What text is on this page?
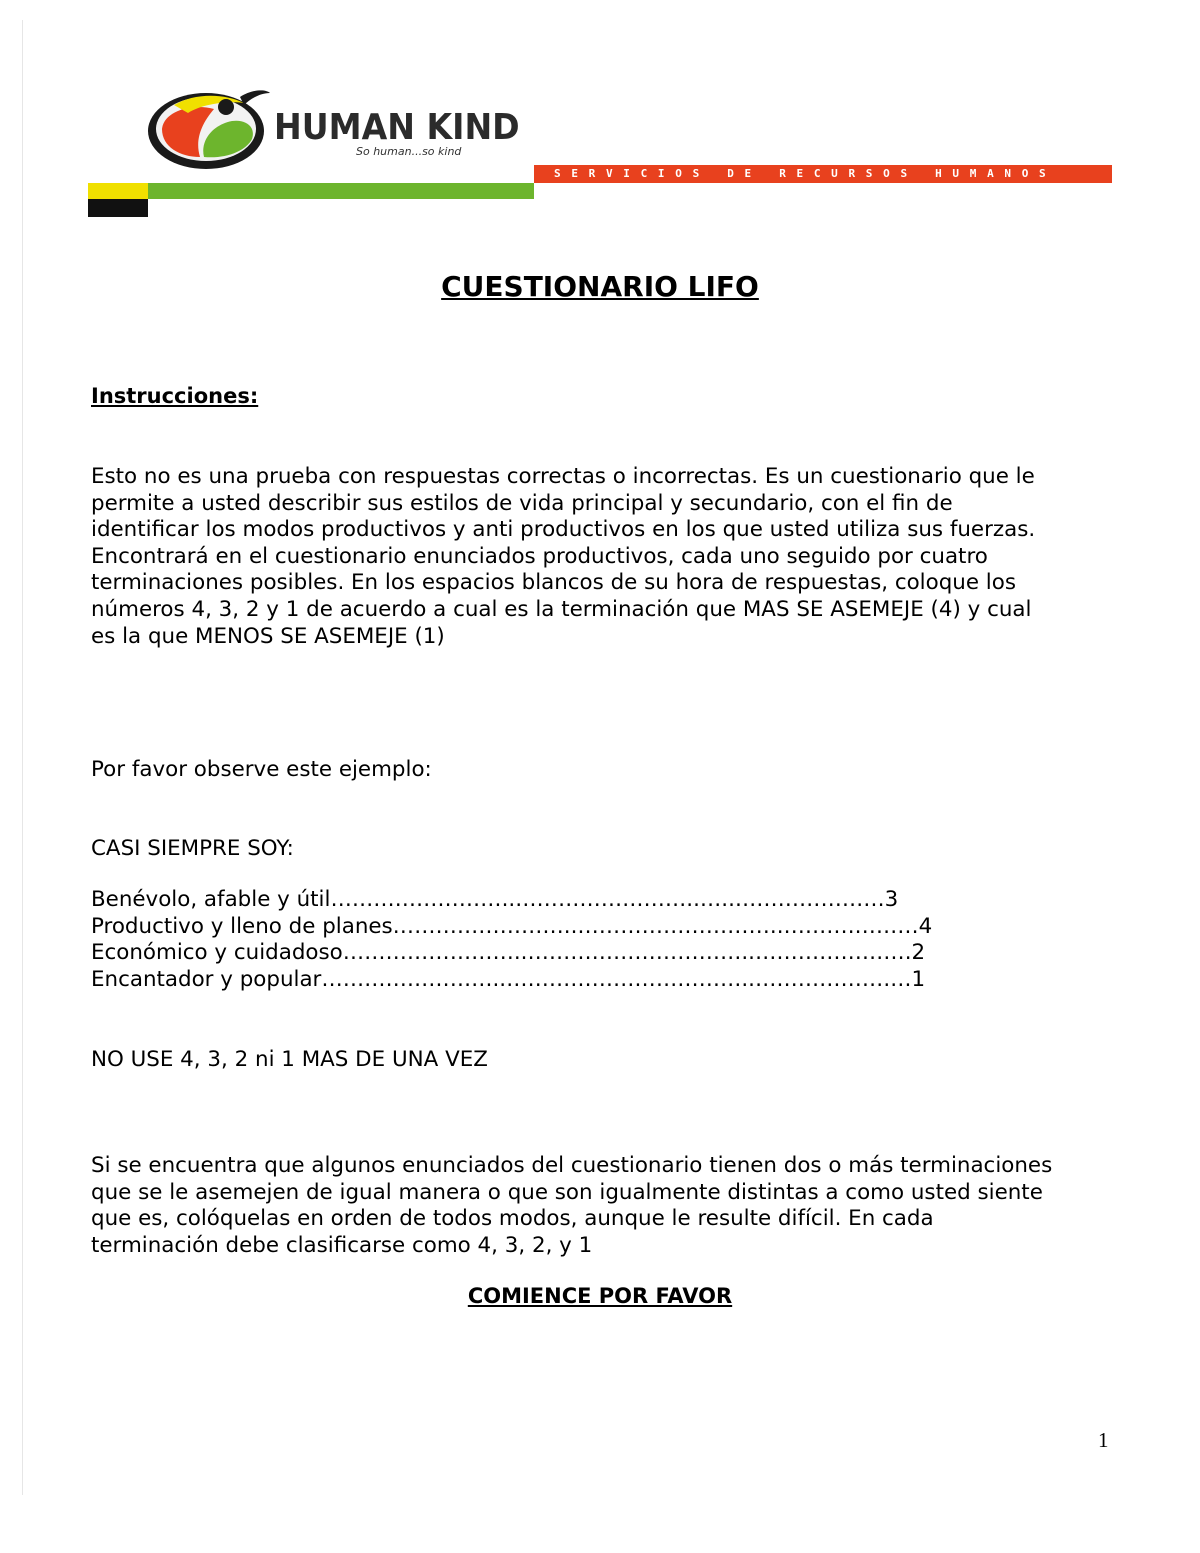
HUMAN KIND
So human...so kind
SERVICIOS DE RECURSOS HUMANOS
CUESTIONARIO LIFO
Instrucciones:
Esto no es una prueba con respuestas correctas o incorrectas. Es un cuestionario que le
permite a usted describir sus estilos de vida principal y secundario, con el fin de
identificar los modos productivos y anti productivos en los que usted utiliza sus fuerzas.
Encontrará en el cuestionario enunciados productivos, cada uno seguido por cuatro
terminaciones posibles. En los espacios blancos de su hora de respuestas, coloque los
números 4, 3, 2 y 1 de acuerdo a cual es la terminación que MAS SE ASEMEJE (4) y cual
es la que MENOS SE ASEMEJE (1)
Por favor observe este ejemplo:
CASI SIEMPRE SOY:
Benévolo, afable y útil……………………..……………………..…..…………………3
Productivo y lleno de planes……………………..………………………..……….………4
Económico y cuidadoso……………………..…………………………..………………….2
Encantador y popular……………………..……………………………..……………….…1
NO USE 4, 3, 2 ni 1 MAS DE UNA VEZ
Si se encuentra que algunos enunciados del cuestionario tienen dos o más terminaciones
que se le asemejen de igual manera o que son igualmente distintas a como usted siente
que es, colóquelas en orden de todos modos, aunque le resulte difícil. En cada
terminación debe clasificarse como 4, 3, 2, y 1
COMIENCE POR FAVOR
1
